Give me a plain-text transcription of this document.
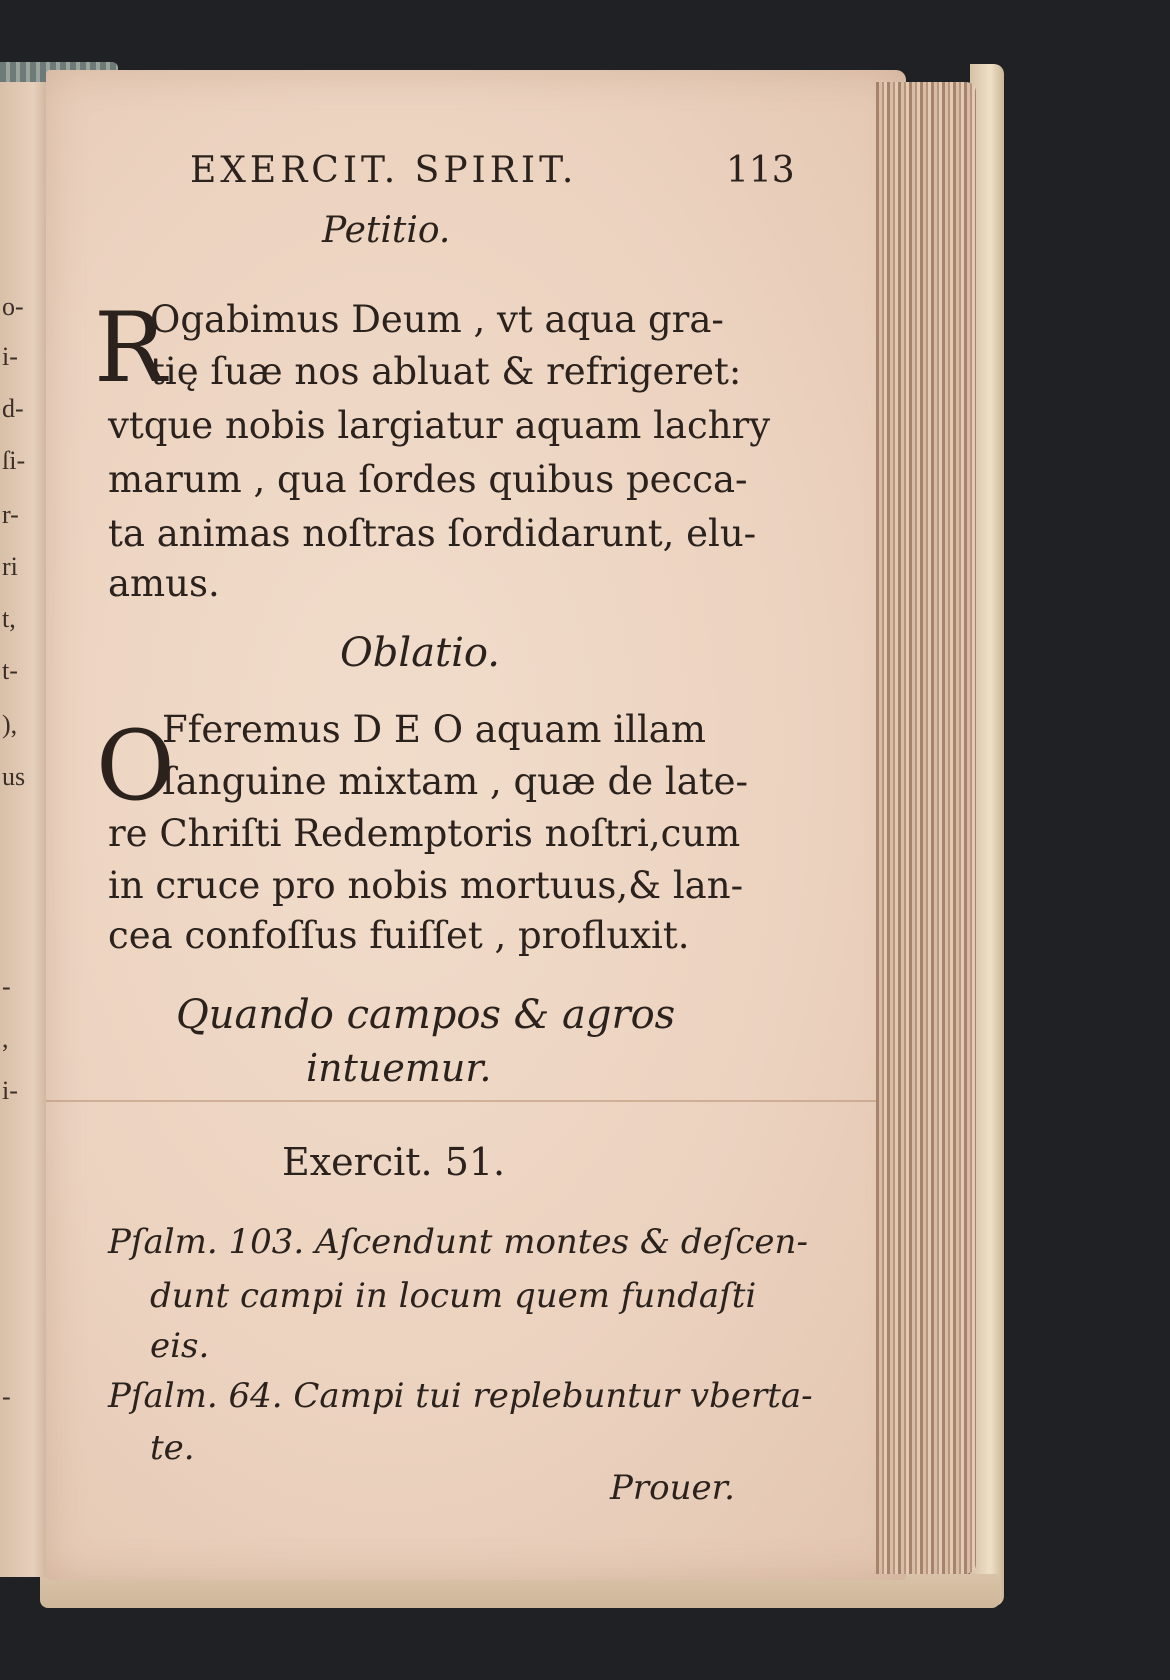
o-
i-
d-
ſi-
r-
ri
t,
t-
),
us
-
,
i-
-
EXERCIT. SPIRIT.	113
Petitio.
R
Ogabimus Deum , vt aqua gra-
tię ſuæ nos abluat & refrigeret:
vtque nobis largiatur aquam lachry
marum , qua ſordes quibus pecca-
ta animas noſtras ſordidarunt, elu-
amus.
Oblatio.
O
Fferemus D E O aquam illam
ſanguine mixtam , quæ de late-
re Chriſti Redemptoris noſtri,cum
in cruce pro nobis mortuus,& lan-
cea confoſſus fuiſſet , profluxit.
Quando campos & agros
intuemur.
Exercit. 51.
Pſalm. 103. Aſcendunt montes & deſcen-
dunt campi in locum quem fundaſti
eis.
Pſalm. 64. Campi tui replebuntur vberta-
te.
Prouer.
